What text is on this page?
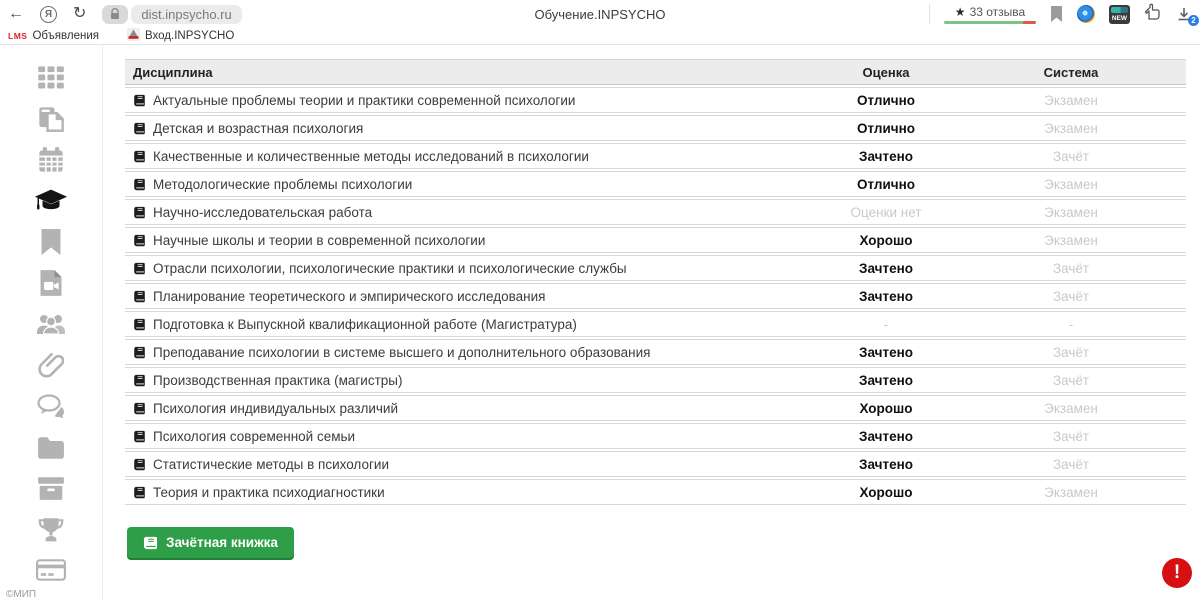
←	Я	↻	dist.inpsycho.ru	Обучение.INPSYCHO	★ 33 отзыва	NEW	2
LMS Объявления	Вход.INPSYCHO
©МИП
Дисциплина	Оценка	Система
Актуальные проблемы теории и практики современной психологии	Отлично	Экзамен
Детская и возрастная психология	Отлично	Экзамен
Качественные и количественные методы исследований в психологии	Зачтено	Зачёт
Методологические проблемы психологии	Отлично	Экзамен
Научно-исследовательская работа	Оценки нет	Экзамен
Научные школы и теории в современной психологии	Хорошо	Экзамен
Отрасли психологии, психологические практики и психологические службы	Зачтено	Зачёт
Планирование теоретического и эмпирического исследования	Зачтено	Зачёт
Подготовка к Выпускной квалификационной работе (Магистратура)	-	-
Преподавание психологии в системе высшего и дополнительного образования	Зачтено	Зачёт
Производственная практика (магистры)	Зачтено	Зачёт
Психология индивидуальных различий	Хорошо	Экзамен
Психология современной семьи	Зачтено	Зачёт
Статистические методы в психологии	Зачтено	Зачёт
Теория и практика психодиагностики	Хорошо	Экзамен
Зачётная книжка
!
